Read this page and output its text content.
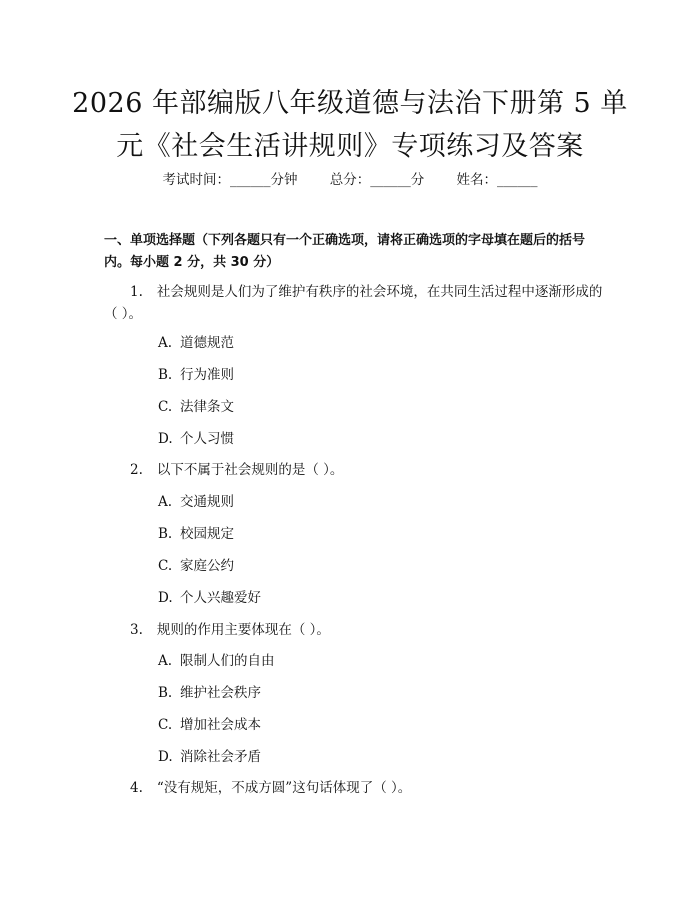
2026 年部编版八年级道德与法治下册第 5 单元《社会生活讲规则》专项练习及答案
考试时间：______分钟 总分：______分 姓名：______
一、单项选择题（下列各题只有一个正确选项，请将正确选项的字母填在题后的括号内。每小题 2 分，共 30 分）
1. 社会规则是人们为了维护有秩序的社会环境，在共同生活过程中逐渐形成的（ ）。
A. 道德规范
B. 行为准则
C. 法律条文
D. 个人习惯
2. 以下不属于社会规则的是（ ）。
A. 交通规则
B. 校园规定
C. 家庭公约
D. 个人兴趣爱好
3. 规则的作用主要体现在（ ）。
A. 限制人们的自由
B. 维护社会秩序
C. 增加社会成本
D. 消除社会矛盾
4. “没有规矩，不成方圆”这句话体现了（ ）。
